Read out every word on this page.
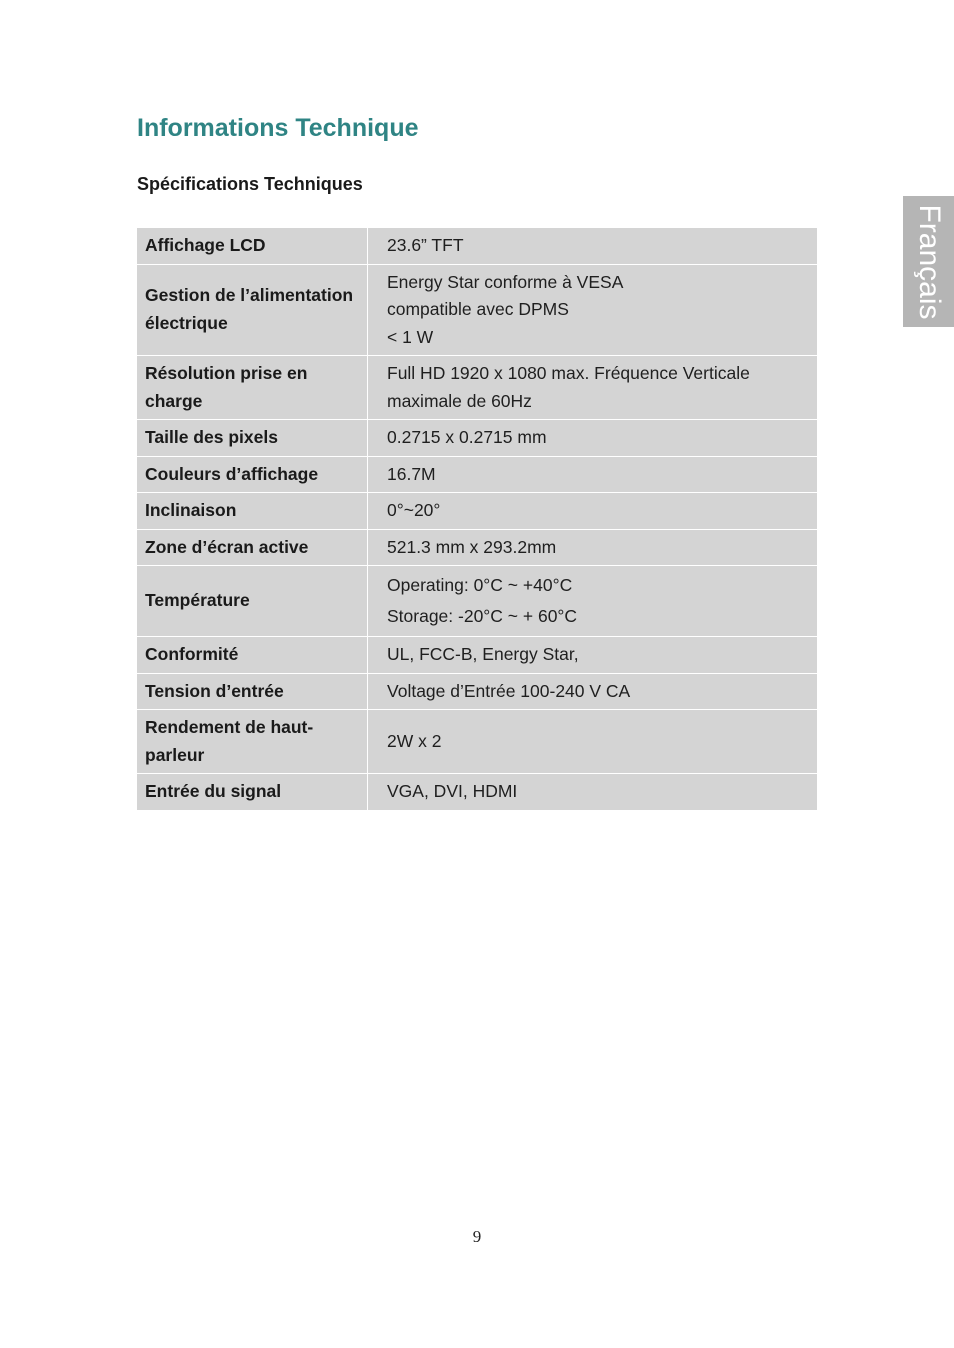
Informations Technique
Spécifications Techniques
Français
Affichage LCD	23.6” TFT

Gestion de l’alimentation électrique	Energy Star conforme à VESA
compatible avec DPMS
< 1 W

Résolution prise en charge	Full HD 1920 x 1080 max. Fréquence Verticale maximale de 60Hz

Taille des pixels	0.2715 x 0.2715 mm

Couleurs d’affichage	16.7M

Inclinaison	0°~20°

Zone d’écran active	521.3 mm x 293.2mm

Température	Operating: 0°C ~ +40°C
Storage: -20°C ~ + 60°C

Conformité	UL, FCC-B, Energy Star,

Tension d’entrée	Voltage d’Entrée 100-240 V CA

Rendement de haut-parleur	2W x 2

Entrée du signal	VGA, DVI, HDMI
9
